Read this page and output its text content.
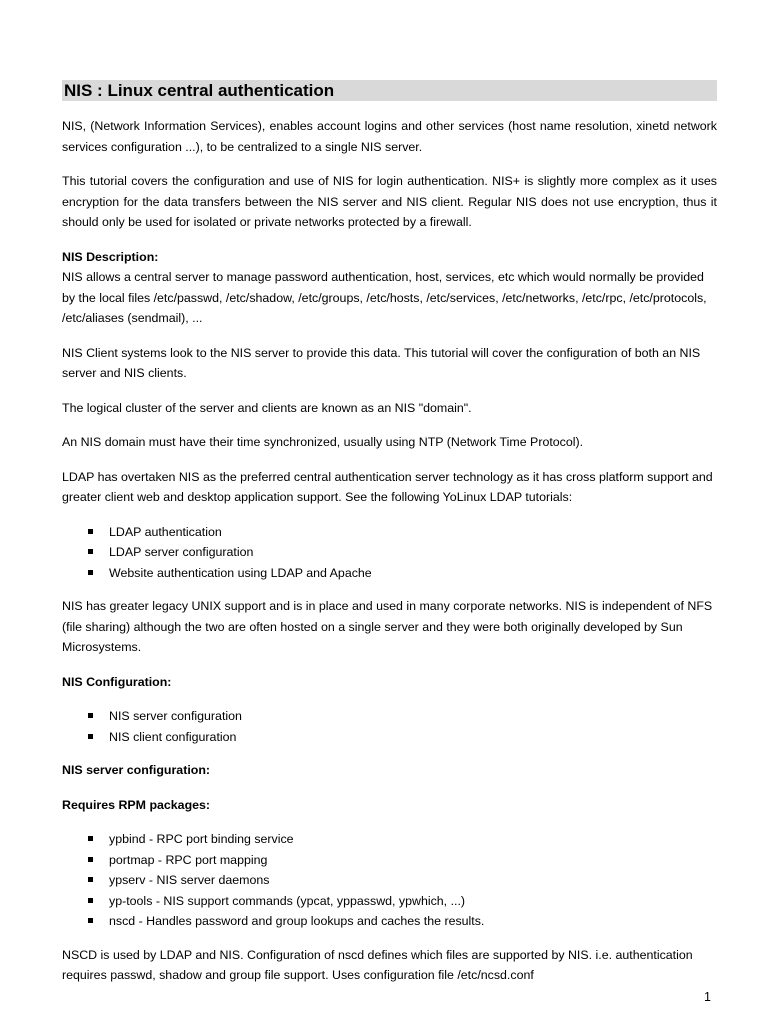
NIS : Linux central authentication

NIS, (Network Information Services), enables account logins and other services (host name resolution, xinetd network services configuration ...), to be centralized to a single NIS server.

This tutorial covers the configuration and use of NIS for login authentication. NIS+ is slightly more complex as it uses encryption for the data transfers between the NIS server and NIS client. Regular NIS does not use encryption, thus it should only be used for isolated or private networks protected by a firewall.

NIS Description:
NIS allows a central server to manage password authentication, host, services, etc which would normally be provided by the local files /etc/passwd, /etc/shadow, /etc/groups, /etc/hosts, /etc/services, /etc/networks, /etc/rpc, /etc/protocols, /etc/aliases (sendmail), ...

NIS Client systems look to the NIS server to provide this data. This tutorial will cover the configuration of both an NIS server and NIS clients.

The logical cluster of the server and clients are known as an NIS "domain".

An NIS domain must have their time synchronized, usually using NTP (Network Time Protocol).

LDAP has overtaken NIS as the preferred central authentication server technology as it has cross platform support and greater client web and desktop application support. See the following YoLinux LDAP tutorials:

LDAP authentication
LDAP server configuration
Website authentication using LDAP and Apache

NIS has greater legacy UNIX support and is in place and used in many corporate networks. NIS is independent of NFS (file sharing) although the two are often hosted on a single server and they were both originally developed by Sun Microsystems.

NIS Configuration:

NIS server configuration
NIS client configuration

NIS server configuration:

Requires RPM packages:

ypbind - RPC port binding service
portmap - RPC port mapping
ypserv - NIS server daemons
yp-tools - NIS support commands (ypcat, yppasswd, ypwhich, ...)
nscd - Handles password and group lookups and caches the results.

NSCD is used by LDAP and NIS. Configuration of nscd defines which files are supported by NIS. i.e. authentication requires passwd, shadow and group file support. Uses configuration file /etc/ncsd.conf

1
